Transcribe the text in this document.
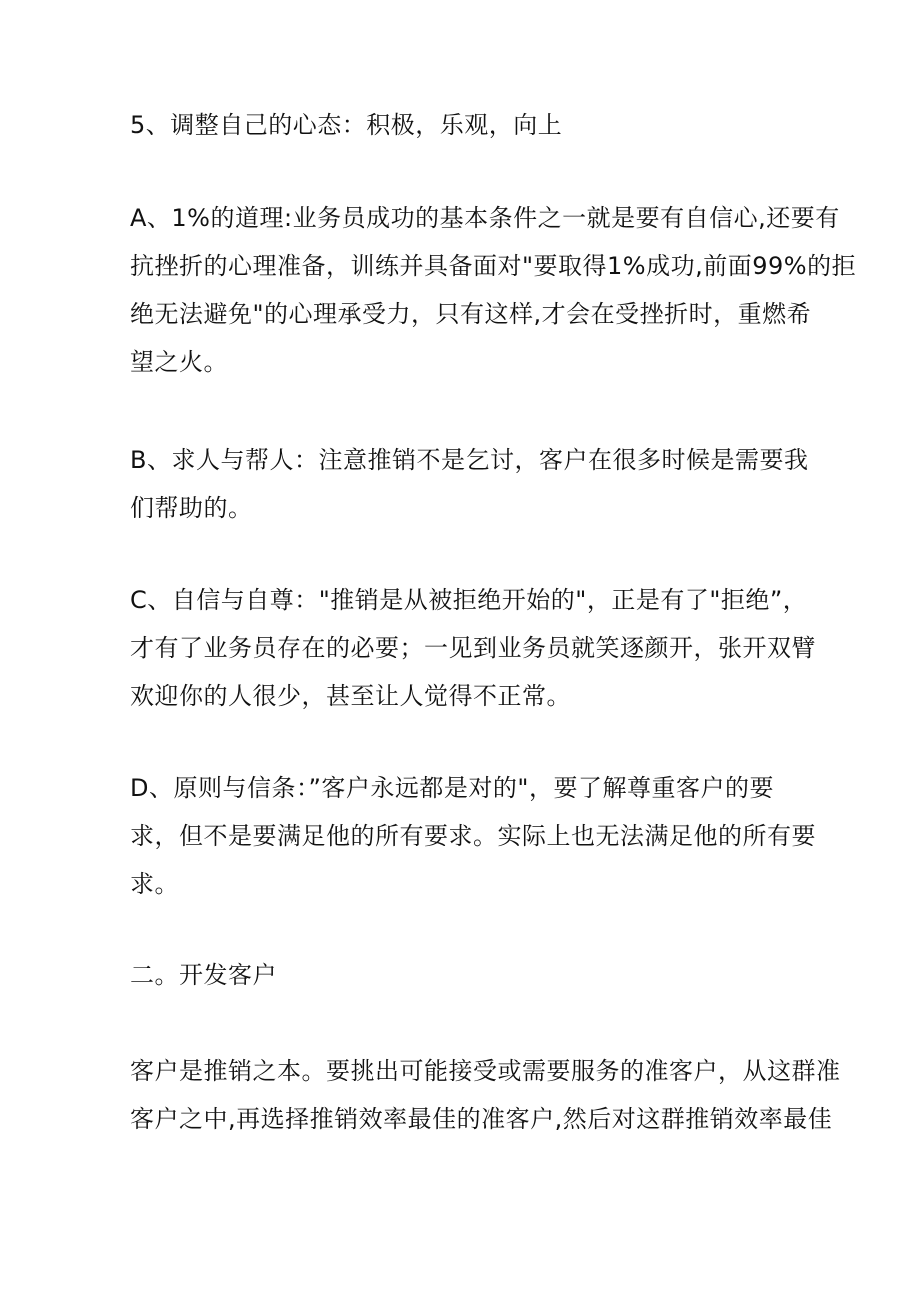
5、调整自己的心态：积极，乐观，向上

A、1%的道理:业务员成功的基本条件之一就是要有自信心,还要有
抗挫折的心理准备，训练并具备面对"要取得1%成功,前面99%的拒
绝无法避免"的心理承受力，只有这样,才会在受挫折时，重燃希
望之火。

B、求人与帮人：注意推销不是乞讨，客户在很多时候是需要我
们帮助的。

C、自信与自尊："推销是从被拒绝开始的"，正是有了"拒绝”，
才有了业务员存在的必要；一见到业务员就笑逐颜开，张开双臂
欢迎你的人很少，甚至让人觉得不正常。

D、原则与信条：”客户永远都是对的"，要了解尊重客户的要
求，但不是要满足他的所有要求。实际上也无法满足他的所有要
求。

二。开发客户

客户是推销之本。要挑出可能接受或需要服务的准客户，从这群准
客户之中,再选择推销效率最佳的准客户,然后对这群推销效率最佳
